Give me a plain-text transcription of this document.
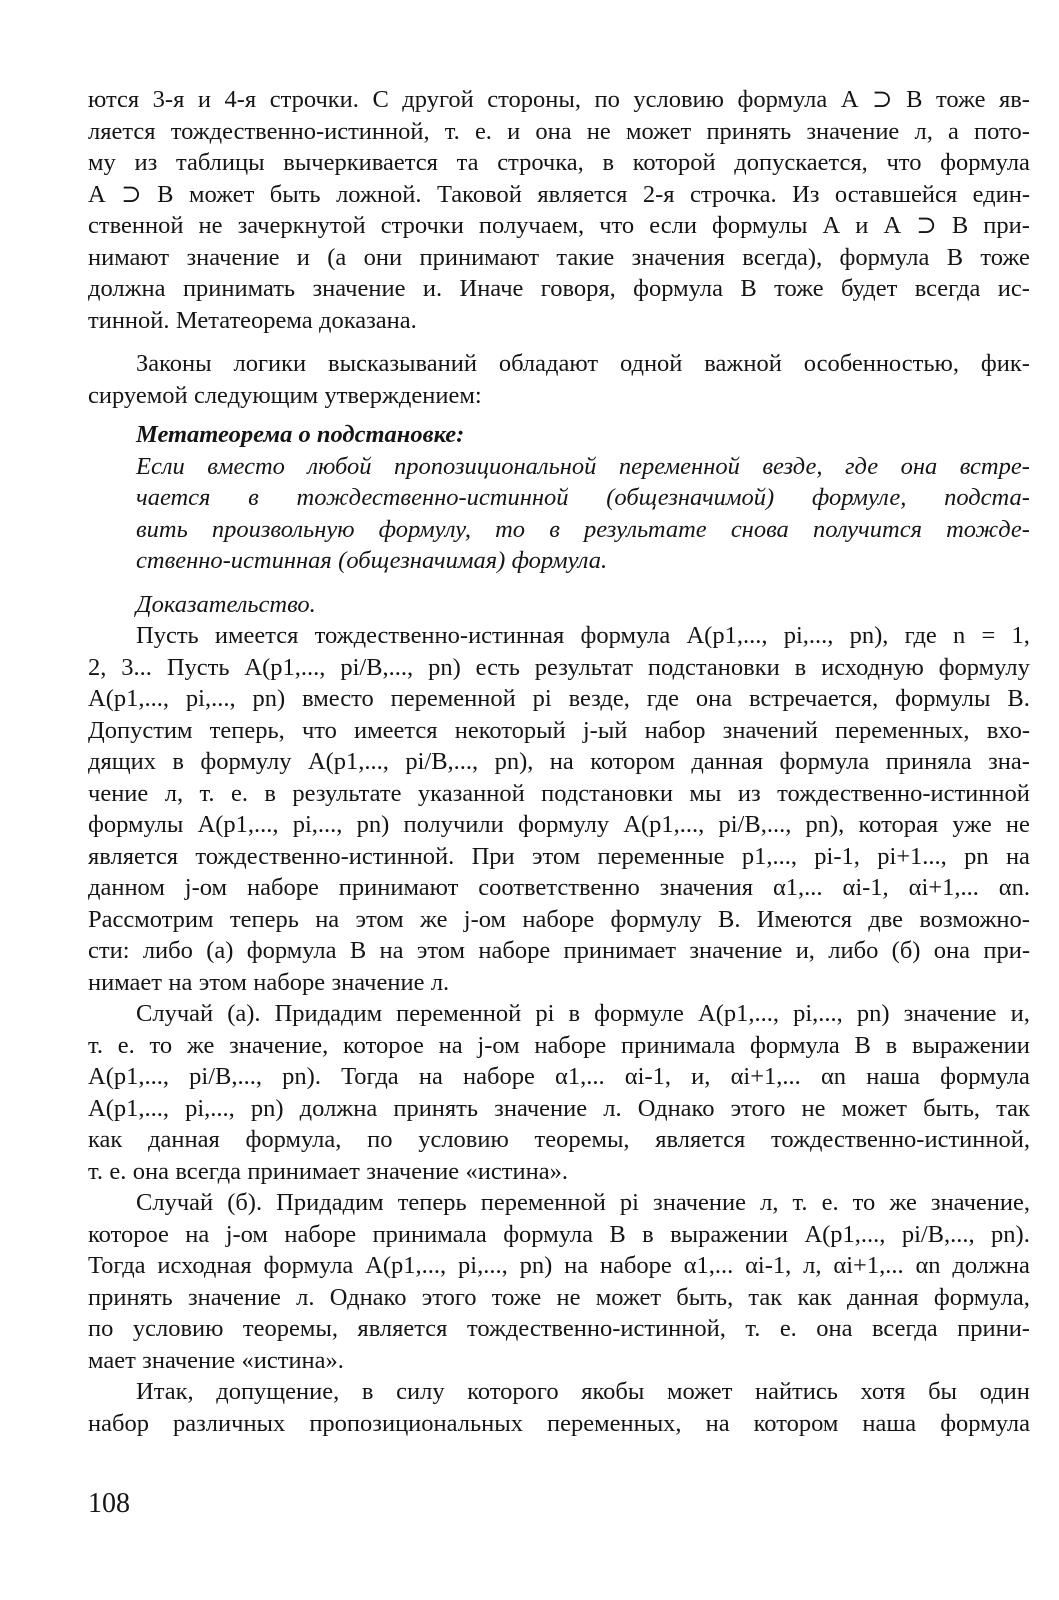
ются 3-я и 4-я строчки. С другой стороны, по условию формула A ⊃ B тоже яв-
ляется тождественно-истинной, т. е. и она не может принять значение л, а пото-
му из таблицы вычеркивается та строчка, в которой допускается, что формула
A ⊃ B может быть ложной. Таковой является 2-я строчка. Из оставшейся един-
ственной не зачеркнутой строчки получаем, что если формулы A и A ⊃ B при-
нимают значение и (а они принимают такие значения всегда), формула B тоже
должна принимать значение и. Иначе говоря, формула B тоже будет всегда ис-
тинной. Метатеорема доказана.
Законы логики высказываний обладают одной важной особенностью, фик-
сируемой следующим утверждением:
Метатеорема о подстановке:
Если вместо любой пропозициональной переменной везде, где она встре-
чается в тождественно-истинной (общезначимой) формуле, подста-
вить произвольную формулу, то в результате снова получится тожде-
ственно-истинная (общезначимая) формула.
Доказательство.
Пусть имеется тождественно-истинная формула A(p1,..., pi,..., pn), где n = 1,
2, 3... Пусть A(p1,..., pi/B,..., pn) есть результат подстановки в исходную формулу
A(p1,..., pi,..., pn) вместо переменной pi везде, где она встречается, формулы B.
Допустим теперь, что имеется некоторый j-ый набор значений переменных, вхо-
дящих в формулу A(p1,..., pi/B,..., pn), на котором данная формула приняла зна-
чение л, т. е. в результате указанной подстановки мы из тождественно-истинной
формулы A(p1,..., pi,..., pn) получили формулу A(p1,..., pi/B,..., pn), которая уже не
является тождественно-истинной. При этом переменные p1,..., pi-1, pi+1..., pn на
данном j-ом наборе принимают соответственно значения α1,... αi-1, αi+1,... αn.
Рассмотрим теперь на этом же j-ом наборе формулу B. Имеются две возможно-
сти: либо (а) формула B на этом наборе принимает значение и, либо (б) она при-
нимает на этом наборе значение л.
Случай (а). Придадим переменной pi в формуле A(p1,..., pi,..., pn) значение и,
т. е. то же значение, которое на j-ом наборе принимала формула B в выражении
A(p1,..., pi/B,..., pn). Тогда на наборе α1,... αi-1, и, αi+1,... αn наша формула
A(p1,..., pi,..., pn) должна принять значение л. Однако этого не может быть, так
как данная формула, по условию теоремы, является тождественно-истинной,
т. е. она всегда принимает значение «истина».
Случай (б). Придадим теперь переменной pi значение л, т. е. то же значение,
которое на j-ом наборе принимала формула B в выражении A(p1,..., pi/B,..., pn).
Тогда исходная формула A(p1,..., pi,..., pn) на наборе α1,... αi-1, л, αi+1,... αn должна
принять значение л. Однако этого тоже не может быть, так как данная формула,
по условию теоремы, является тождественно-истинной, т. е. она всегда прини-
мает значение «истина».
Итак, допущение, в силу которого якобы может найтись хотя бы один
набор различных пропозициональных переменных, на котором наша формула
108
